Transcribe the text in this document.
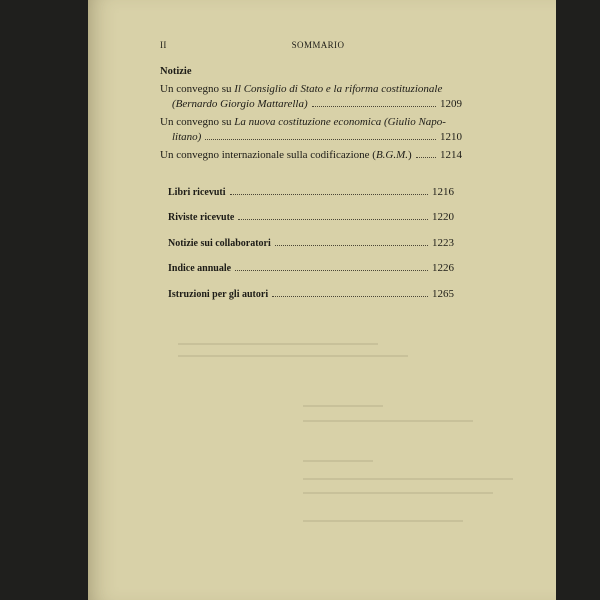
II	SOMMARIO
Notizie
Un convegno su Il Consiglio di Stato e la riforma costituzionale
(Bernardo Giorgio Mattarella)	1209
Un convegno su La nuova costituzione economica (Giulio Napo-
litano)	1210
Un convegno internazionale sulla codificazione (B.G.M.)	1214
Libri ricevuti	1216
Riviste ricevute	1220
Notizie sui collaboratori	1223
Indice annuale	1226
Istruzioni per gli autori	1265
